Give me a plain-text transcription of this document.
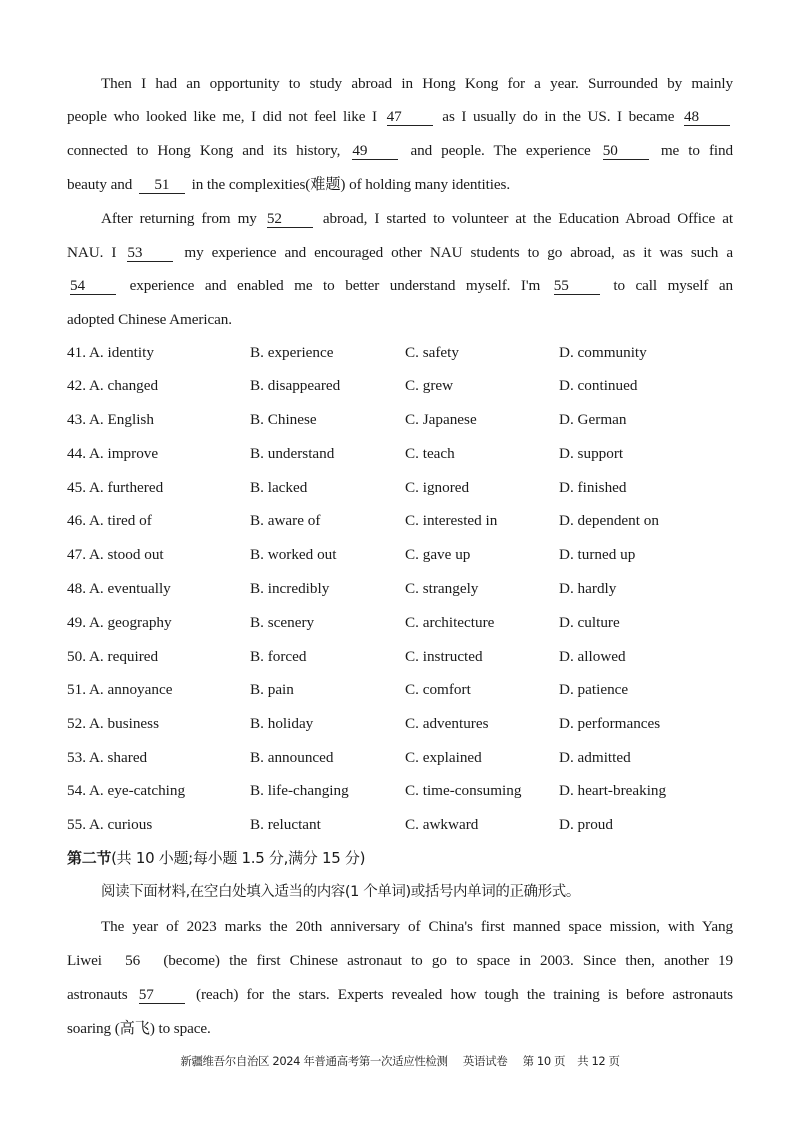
Then I had an opportunity to study abroad in Hong Kong for a year. Surrounded by mainly
people who looked like me, I did not feel like I 47	as I usually do in the US. I became 48
connected to Hong Kong and its history, 49	and people. The experience 50	me to find
beauty and 51 in the complexities(难题) of holding many identities.
After returning from my 52	abroad, I started to volunteer at the Education Abroad Office at
NAU. I 53	my experience and encouraged other NAU students to go abroad, as it was such a
54	experience and enabled me to better understand myself. I'm 55	to call myself an
adopted Chinese American.
41. A. identity	B. experience	C. safety	D. community
42. A. changed	B. disappeared	C. grew	D. continued
43. A. English	B. Chinese	C. Japanese	D. German
44. A. improve	B. understand	C. teach	D. support
45. A. furthered	B. lacked	C. ignored	D. finished
46. A. tired of	B. aware of	C. interested in	D. dependent on
47. A. stood out	B. worked out	C. gave up	D. turned up
48. A. eventually	B. incredibly	C. strangely	D. hardly
49. A. geography	B. scenery	C. architecture	D. culture
50. A. required	B. forced	C. instructed	D. allowed
51. A. annoyance	B. pain	C. comfort	D. patience
52. A. business	B. holiday	C. adventures	D. performances
53. A. shared	B. announced	C. explained	D. admitted
54. A. eye-catching	B. life-changing	C. time-consuming D. heart-breaking
55. A. curious	B. reluctant	C. awkward	D. proud
第二节(共 10 小题;每小题 1.5 分,满分 15 分)
阅读下面材料,在空白处填入适当的内容(1 个单词)或括号内单词的正确形式。
The year of 2023 marks the 20th anniversary of China's first manned space mission, with Yang
Liwei 56 (become) the first Chinese astronaut to go to space in 2003. Since then, another 19
astronauts 57	(reach) for the stars. Experts revealed how tough the training is before astronauts
soaring (高飞) to space.
新疆维吾尔自治区 2024 年普通高考第一次适应性检测 英语试卷 第 10 页 共 12 页
